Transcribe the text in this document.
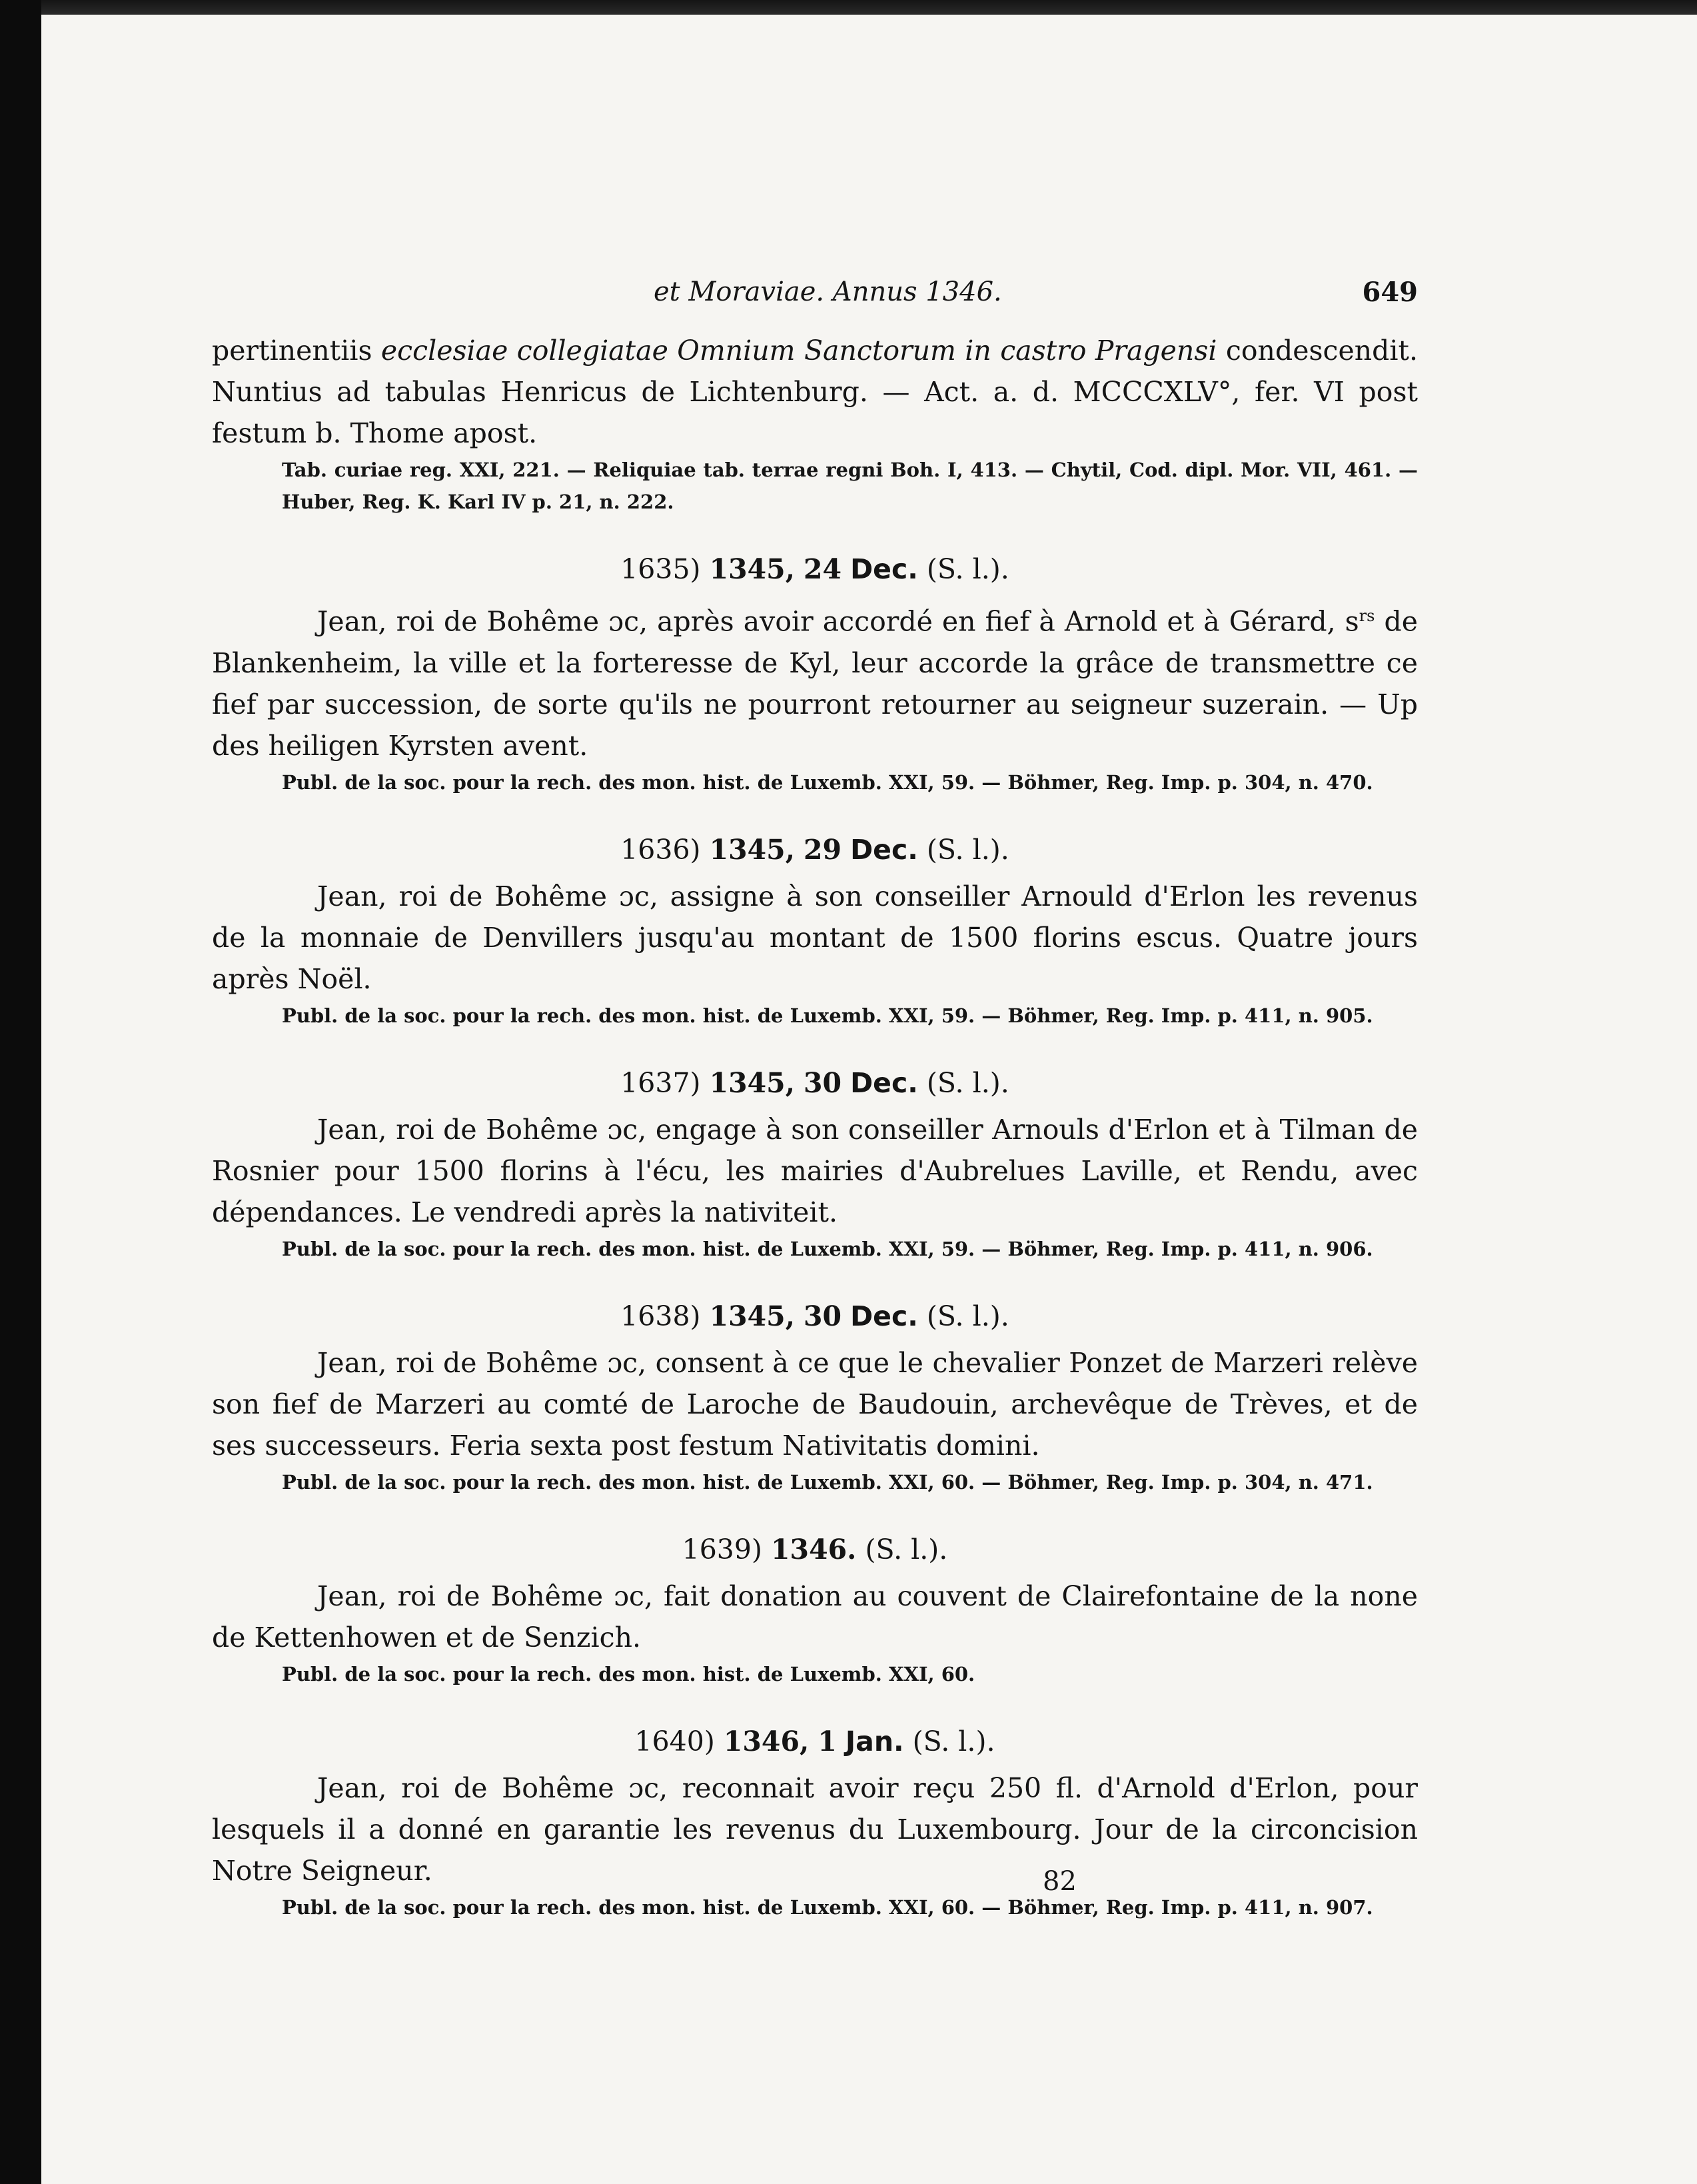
et Moraviae. Annus 1346.	649

pertinentiis ecclesiae collegiatae Omnium Sanctorum in castro Pragensi condescendit. Nuntius ad tabulas Henricus de Lichtenburg. — Act. a. d. MCCCXLV°, fer. VI post festum b. Thome apost.

Tab. curiae reg. XXI, 221. — Reliquiae tab. terrae regni Boh. I, 413. — Chytil, Cod. dipl. Mor. VII, 461. — Huber, Reg. K. Karl IV p. 21, n. 222.

1635) 1345, 24 Dec. (S. l.).

Jean, roi de Bohême ɔc, après avoir accordé en fief à Arnold et à Gérard, $s^{rs}$ de Blankenheim, la ville et la forteresse de Kyl, leur accorde la grâce de transmettre ce fief par succession, de sorte qu'ils ne pourront retourner au seigneur suzerain. — Up des heiligen Kyrsten avent.

Publ. de la soc. pour la rech. des mon. hist. de Luxemb. XXI, 59. — Böhmer, Reg. Imp. p. 304, n. 470.

1636) 1345, 29 Dec. (S. l.).

Jean, roi de Bohême ɔc, assigne à son conseiller Arnould d'Erlon les revenus de la monnaie de Denvillers jusqu'au montant de 1500 florins escus. Quatre jours après Noël.

Publ. de la soc. pour la rech. des mon. hist. de Luxemb. XXI, 59. — Böhmer, Reg. Imp. p. 411, n. 905.

1637) 1345, 30 Dec. (S. l.).

Jean, roi de Bohême ɔc, engage à son conseiller Arnouls d'Erlon et à Tilman de Rosnier pour 1500 florins à l'écu, les mairies d'Aubrelues Laville, et Rendu, avec dépendances. Le vendredi après la nativiteit.

Publ. de la soc. pour la rech. des mon. hist. de Luxemb. XXI, 59. — Böhmer, Reg. Imp. p. 411, n. 906.

1638) 1345, 30 Dec. (S. l.).

Jean, roi de Bohême ɔc, consent à ce que le chevalier Ponzet de Marzeri relève son fief de Marzeri au comté de Laroche de Baudouin, archevêque de Trèves, et de ses successeurs. Feria sexta post festum Nativitatis domini.

Publ. de la soc. pour la rech. des mon. hist. de Luxemb. XXI, 60. — Böhmer, Reg. Imp. p. 304, n. 471.

1639) 1346. (S. l.).

Jean, roi de Bohême ɔc, fait donation au couvent de Clairefontaine de la none de Kettenhowen et de Senzich.

Publ. de la soc. pour la rech. des mon. hist. de Luxemb. XXI, 60.

1640) 1346, 1 Jan. (S. l.).

Jean, roi de Bohême ɔc, reconnait avoir reçu 250 fl. d'Arnold d'Erlon, pour lesquels il a donné en garantie les revenus du Luxembourg. Jour de la circoncision Notre Seigneur.

Publ. de la soc. pour la rech. des mon. hist. de Luxemb. XXI, 60. — Böhmer, Reg. Imp. p. 411, n. 907.

82
